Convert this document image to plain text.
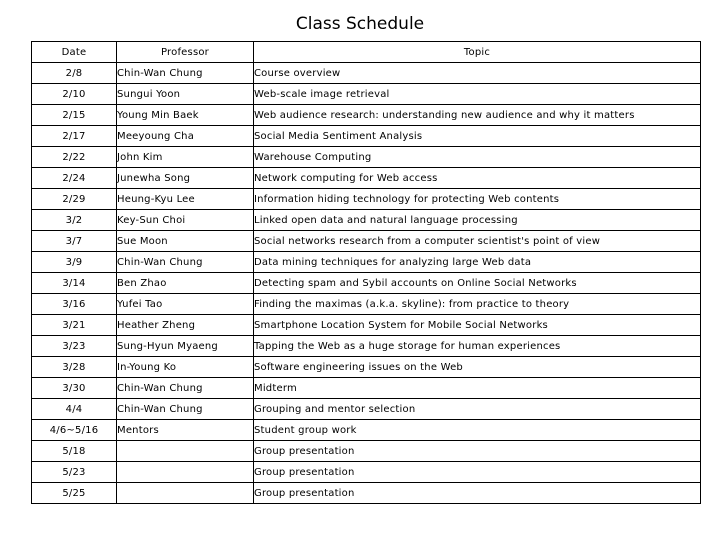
Class Schedule
Date	Professor	Topic
2/8	Chin-Wan Chung	Course overview
2/10	Sungui Yoon	Web-scale image retrieval
2/15	Young Min Baek	Web audience research: understanding new audience and why it matters
2/17	Meeyoung Cha	Social Media Sentiment Analysis
2/22	John Kim	Warehouse Computing
2/24	Junewha Song	Network computing for Web access
2/29	Heung-Kyu Lee	Information hiding technology for protecting Web contents
3/2	Key-Sun Choi	Linked open data and natural language processing
3/7	Sue Moon	Social networks research from a computer scientist's point of view
3/9	Chin-Wan Chung	Data mining techniques for analyzing large Web data
3/14	Ben Zhao	Detecting spam and Sybil accounts on Online Social Networks
3/16	Yufei Tao	Finding the maximas (a.k.a. skyline): from practice to theory
3/21	Heather Zheng	Smartphone Location System for Mobile Social Networks
3/23	Sung-Hyun Myaeng	Tapping the Web as a huge storage for human experiences
3/28	In-Young Ko	Software engineering issues on the Web
3/30	Chin-Wan Chung	Midterm
4/4	Chin-Wan Chung	Grouping and mentor selection
4/6~5/16	Mentors	Student group work
5/18		Group presentation
5/23		Group presentation
5/25		Group presentation
